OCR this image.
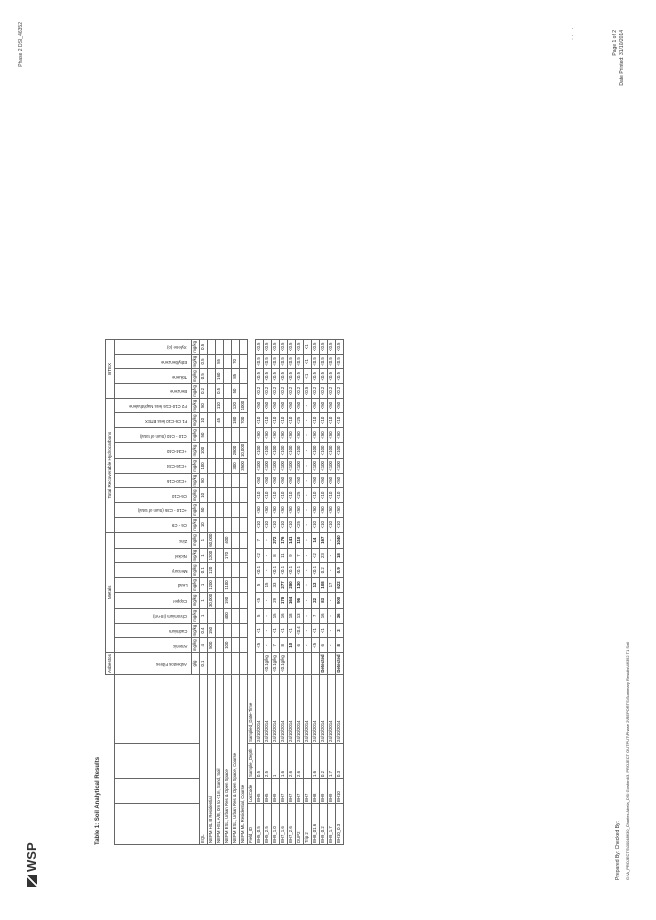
WSP
Phase 2 DSI_46352
Table 1: Soil Analytical Results
				Asbestos	Metals								Total Recoverable Hydrocarbons									BTEX			
				Asbestos Fibres	Arsenic	Cadmium	Chromium (III+VI)	Copper	Lead	Mercury	Nickel	Zinc	C6 - C9	+C10 - C36 (Sum of total)	C6-C10	+C10-C16	+C16-C34	+C34-C40	C10 - C40 (Sum of total)	F1 C6-C10 less BTEX	F2 C10-C16 less Naphthalene	Benzene	Toluene	Ethylbenzene	Xylene (o)
				g/g	mg/kg	mg/kg	mg/kg	mg/kg	mg/kg	mg/kg	mg/kg	mg/kg	mg/kg	mg/kg	mg/kg	mg/kg	mg/kg	mg/kg	mg/kg	mg/kg	mg/kg	mg/kg	mg/kg	mg/kg	mg/kg
EQL				0.1	4	0.4	1	1	1	0.1	1	1	10	50	10	50	100	100	50	10	50	0.2	0.5	0.5	0.5
NEPM HIL B Residential					500	150		30,000	1200	120	1200	60,000													
NEPM HSL A/B, 0m to <1m, Sand, Soil																				45	110	0.5	160	55	
NEPM ESL, Urban Res & Open Space					100		400	190	1100		170	400													
NEPM ESL, Urban Res & Open Space, Coarse																	300	2800		180	120	50	85	70	
NEPM ML Residential, Coarse																	3500	10,000		700	1000				
Field_ID	LocCode	Sample_Depth	Sampled_Date-Time																						
BH5_0.5	BH5	0.5	24/10/2014		<5	<1	5	<5	5	<0.1	<2	7	<10	<50	<10	<50	<100	<100	<50	<10	<50	<0.2	<0.5	<0.5	<0.5
BH5_2.5	BH5	2.5	24/10/2014	<0.1g/kg	-	-	-	-	15	-	-	-	<10	<50	<10	<50	<100	<100	<50	<10	<50	<0.2	<0.5	<0.5	<0.5
BH9_1.0	BH9	1	24/10/2014	<0.1g/kg	7	<1	15	29	33	<0.1	8	372	<10	<50	<10	<50	<100	<100	<50	<10	<50	<0.2	<0.5	<0.5	<0.5
BH7_1.6	BH7	1.6	24/10/2014	<0.1g/kg	8	<1	16	178	277	<0.1	11	176	<10	<50	<10	<50	<100	<100	<50	<10	<50	<0.2	<0.5	<0.5	<0.5
BH7_2.6	BH7	2.6	24/10/2014		10	<1	18	164	280	<0.1	9	141	<10	<50	<10	<50	<100	<100	<50	<10	<50	<0.2	<0.5	<0.5	<0.5
DUP2	BH7	2.6	24/10/2014		6	<0.4	13	96	130	<0.1	7	110	<25	<50	<25	<50	<100	<100	<50	<25	<50	<0.2	<0.5	<0.5	<0.5
Trip 2	BH7		24/10/2014		-	-	-	-	-	-	-	-	-	-	-	-	-	-	-	-	-	<0.5	<1	<1	<1
BH8_01.6	BH8	1.6	24/10/2014		<5	<1	7	22	13	<0.1	<2	14	<10	<50	<10	<50	<100	<100	<50	<10	<50	<0.2	<0.5	<0.5	<0.5
BH9_0.2	BH9	0.2	24/10/2014	Detected	6	<1	16	83	108	0.2	23	167	<10	<50	<10	<50	<100	<100	<50	<10	<50	<0.2	<0.5	<0.5	<0.5
BH9_1.7	BH9	1.7	24/10/2014		-	-	-	-	17	-	-	-	<10	<50	<10	<50	<100	<100	<50	<10	<50	<0.2	<0.5	<0.5	<0.5
BH10_0.3	BH10	0.3	24/10/2014	Detected	8	3	36	900	622	0.9	18	1040	<10	<50	<10	<50	<100	<100	<50	<10	<50	<0.2	<0.5	<0.5	<0.5
Prepared By: Checked By: G:\A_PROJECTS\00048630_Charles Abela_DSI Gosford\3. PROJECT OUTPUT\Phase 2\REPORTS\Summary Results\46352 T1 Soil
Page 1 of 2 Date Printed: 31/10/2014
· ·   ·
